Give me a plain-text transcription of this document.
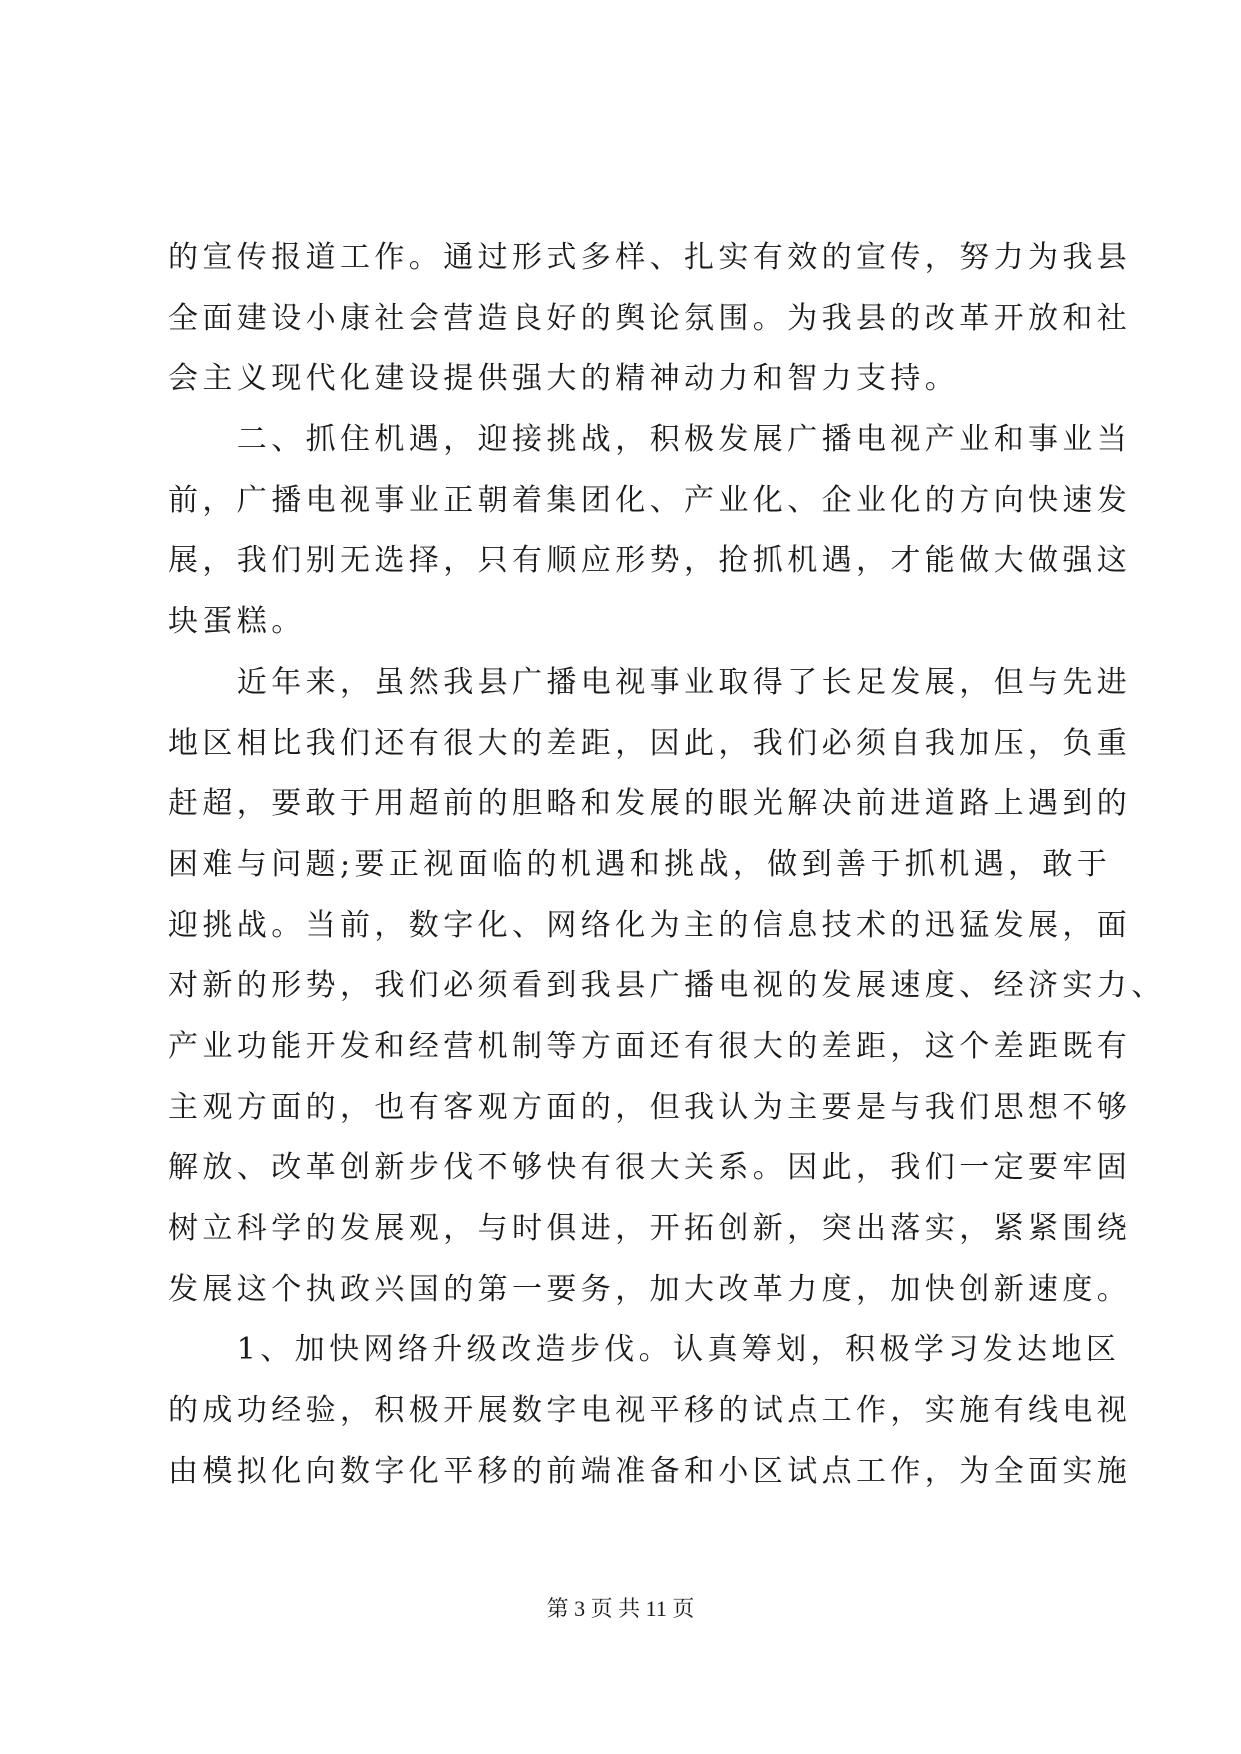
的宣传报道工作。通过形式多样、扎实有效的宣传，努力为我县
全面建设小康社会营造良好的舆论氛围。为我县的改革开放和社
会主义现代化建设提供强大的精神动力和智力支持。
　　二、抓住机遇，迎接挑战，积极发展广播电视产业和事业当
前，广播电视事业正朝着集团化、产业化、企业化的方向快速发
展，我们别无选择，只有顺应形势，抢抓机遇，才能做大做强这
块蛋糕。
　　近年来，虽然我县广播电视事业取得了长足发展，但与先进
地区相比我们还有很大的差距，因此，我们必须自我加压，负重
赶超，要敢于用超前的胆略和发展的眼光解决前进道路上遇到的
困难与问题;要正视面临的机遇和挑战，做到善于抓机遇，敢于
迎挑战。当前，数字化、网络化为主的信息技术的迅猛发展，面
对新的形势，我们必须看到我县广播电视的发展速度、经济实力、
产业功能开发和经营机制等方面还有很大的差距，这个差距既有
主观方面的，也有客观方面的，但我认为主要是与我们思想不够
解放、改革创新步伐不够快有很大关系。因此，我们一定要牢固
树立科学的发展观，与时俱进，开拓创新，突出落实，紧紧围绕
发展这个执政兴国的第一要务，加大改革力度，加快创新速度。
　　1、加快网络升级改造步伐。认真筹划，积极学习发达地区
的成功经验，积极开展数字电视平移的试点工作，实施有线电视
由模拟化向数字化平移的前端准备和小区试点工作，为全面实施
第 3 页 共 11 页
